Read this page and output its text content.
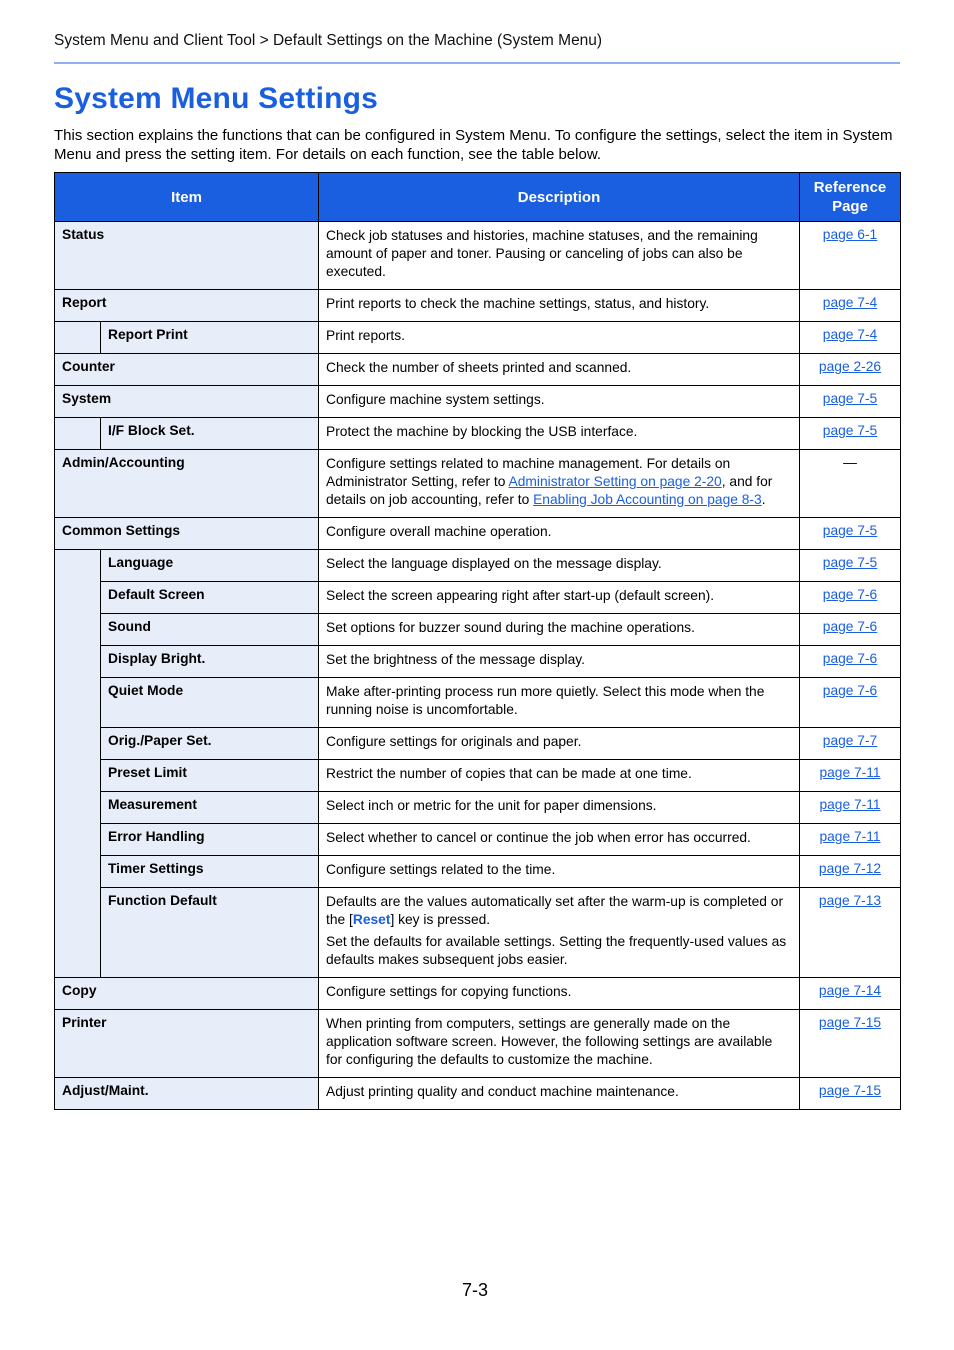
System Menu and Client Tool > Default Settings on the Machine (System Menu)
System Menu Settings

This section explains the functions that can be configured in System Menu. To configure the settings, select the item in System Menu and press the setting item. For details on each function, see the table below.

Item		Description	Reference Page
Status		Check job statuses and histories, machine statuses, and the remaining amount of paper and toner. Pausing or canceling of jobs can also be executed.	page 6-1
Report		Print reports to check the machine settings, status, and history.	page 7-4
	Report Print	Print reports.	page 7-4
Counter		Check the number of sheets printed and scanned.	page 2-26
System		Configure machine system settings.	page 7-5
	I/F Block Set.	Protect the machine by blocking the USB interface.	page 7-5
Admin/Accounting		Configure settings related to machine management. For details on Administrator Setting, refer to Administrator Setting on page 2-20, and for details on job accounting, refer to Enabling Job Accounting on page 8-3.	—
Common Settings		Configure overall machine operation.	page 7-5
	Language	Select the language displayed on the message display.	page 7-5
	Default Screen	Select the screen appearing right after start-up (default screen).	page 7-6
	Sound	Set options for buzzer sound during the machine operations.	page 7-6
	Display Bright.	Set the brightness of the message display.	page 7-6
	Quiet Mode	Make after-printing process run more quietly. Select this mode when the running noise is uncomfortable.	page 7-6
	Orig./Paper Set.	Configure settings for originals and paper.	page 7-7
	Preset Limit	Restrict the number of copies that can be made at one time.	page 7-11
	Measurement	Select inch or metric for the unit for paper dimensions.	page 7-11
	Error Handling	Select whether to cancel or continue the job when error has occurred.	page 7-11
	Timer Settings	Configure settings related to the time.	page 7-12
	Function Default	Defaults are the values automatically set after the warm-up is completed or the [Reset] key is pressed.

Set the defaults for available settings. Setting the frequently-used values as defaults makes subsequent jobs easier.	page 7-13
Copy		Configure settings for copying functions.	page 7-14
Printer		When printing from computers, settings are generally made on the application software screen. However, the following settings are available for configuring the defaults to customize the machine.	page 7-15
Adjust/Maint.		Adjust printing quality and conduct machine maintenance.	page 7-15
7-3
